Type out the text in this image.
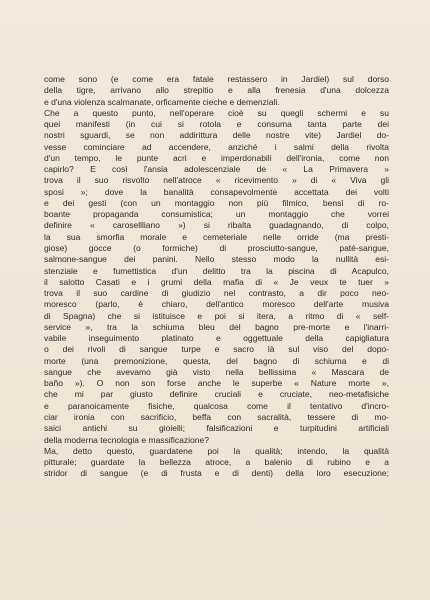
come sono (e come era fatale restassero in Jardiel) sul dorso
della tigre, arrivano allo strepitio e alla frenesia d'una dolcezza
e d'una violenza scalmanate, orficamente cieche e demenziali.
Che a questo punto, nell'operare cioè su quegli schermi e su
quei manifesti (in cui si rotola e consuma tanta parte dei
nostri sguardi, se non addirittura delle nostre vite) Jardiel do-
vesse cominciare ad accendere, anziché i salmi della rivolta
d'un tempo, le punte acri e imperdonabili dell'ironia, come non
capirlo? E così l'ansia adolescenziale de « La Primavera »
trova il suo risvolto nell'atroce « ricevimento » di « Viva gli
sposi »; dove la banalità consapevolmente accettata dei volti
e dei gesti (con un montaggio non più filmico, bensì di ro-
boante propaganda consumistica; un montaggio che vorrei
definire « carosellliano ») si ribalta guadagnando, di colpo,
la sua smorfia morale e cemeteriale nelle orride (ma presti-
giose) gocce (o formiche) di prosciutto-sangue, paté-sangue,
salmone-sangue dei panini. Nello stesso modo la nullità esi-
stenziale e fumettistica d'un delitto tra la piscina di Acapulco,
il salotto Casati e i grumi della mafia di « Je veux te tuer »
trova il suo cardine di giudizio nel contrasto, a dir poco neo-
moresco (parlo, è chiaro, dell'antico moresco dell'arte musiva
di Spagna) che si istituisce e poi si itera, a ritmo di « self-
service », tra la schiuma bleu del bagno pre-morte e l'inarri-
vabile inseguimento platinato e oggettuale della capigliatura
o dei rivoli di sangue turpe e sacro là sul viso del dopo-
morte (una premonizione, questa, del bagno di schiuma e di
sangue che avevamo già visto nella bellissima « Mascara de
baño »). O non son forse anche le superbe « Nature morte »,
che mi par giusto definire cruciali e cruciate, neo-metafisiche
e paranoicamente fisiche, qualcosa come il tentativo d'incro-
ciar ironia con sacrificio, beffa con sacralità, tessere di mo-
saici antichi su gioielli; falsificazioni e turpitudini artificiali
della moderna tecnologia e massificazione?
Ma, detto questo, guardatene poi la qualità; intendo, la qualità
pitturale; guardate la bellezza atroce, a balenio di rubino e a
stridor di sangue (e di frusta e di denti) della loro esecuzione;
